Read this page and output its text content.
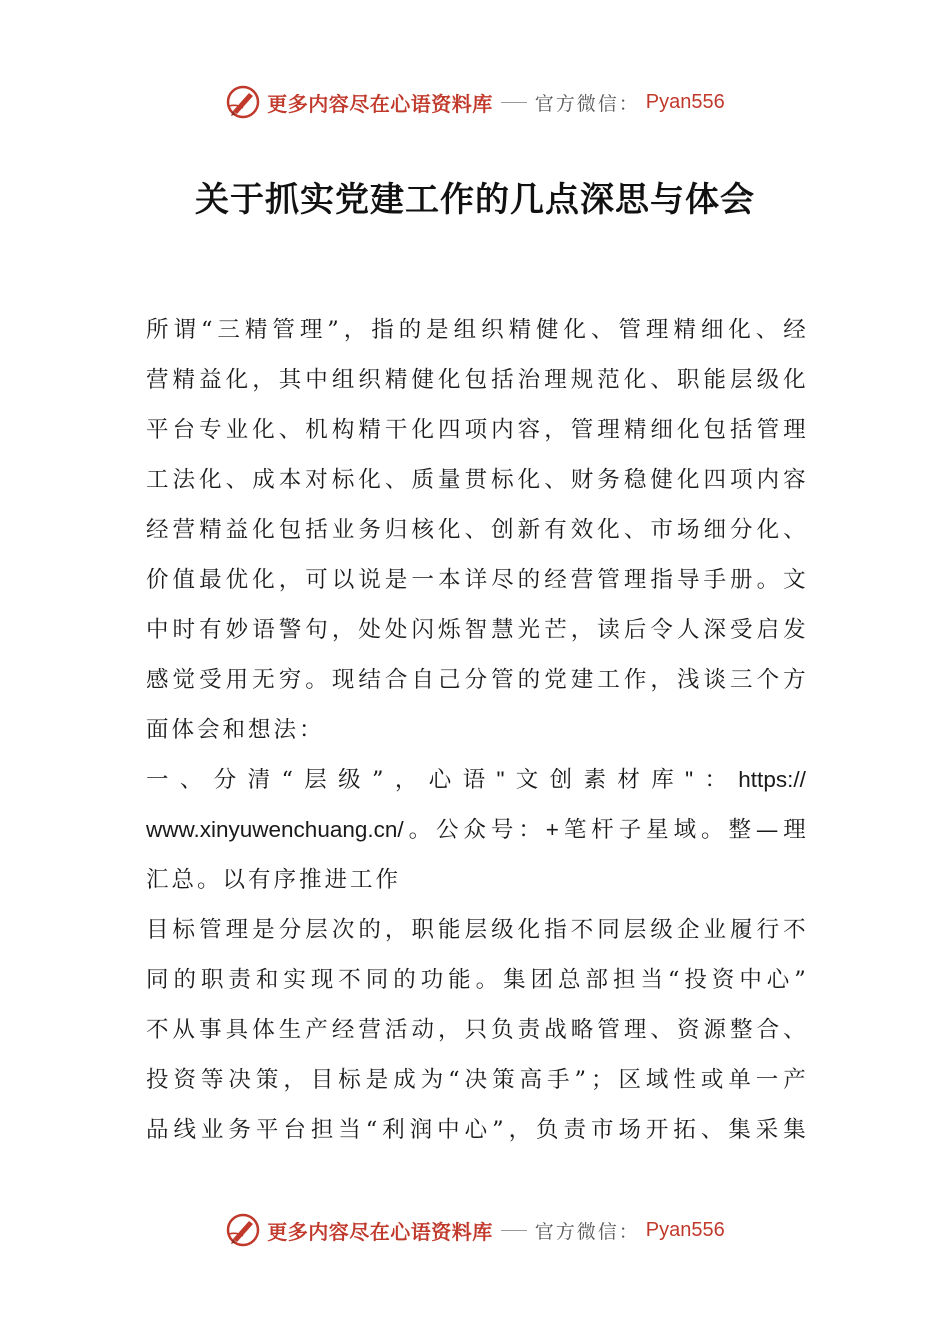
更多内容尽在心语资料库 官方微信： Pyan556
关于抓实党建工作的几点深思与体会
所 谓 “ 三 精 管 理 ” ， 指 的 是 组 织 精 健 化 、 管 理 精 细 化 、 经
营 精 益 化 ， 其 中 组 织 精 健 化 包 括 治 理 规 范 化 、 职 能 层 级 化
平 台 专 业 化 、 机 构 精 干 化 四 项 内 容 ， 管 理 精 细 化 包 括 管 理
工 法 化 、 成 本 对 标 化 、 质 量 贯 标 化 、 财 务 稳 健 化 四 项 内 容
经 营 精 益 化 包 括 业 务 归 核 化 、 创 新 有 效 化 、 市 场 细 分 化 、
价 值 最 优 化 ， 可 以 说 是 一 本 详 尽 的 经 营 管 理 指 导 手 册 。 文
中 时 有 妙 语 警 句 ， 处 处 闪 烁 智 慧 光 芒 ， 读 后 令 人 深 受 启 发
感 觉 受 用 无 穷 。 现 结 合 自 己 分 管 的 党 建 工 作 ， 浅 谈 三 个 方
面体会和想法：
一 、 分 清 “ 层 级 ” ， 心 语 " 文 创 素 材 库 " ： https://
www.xinyuwenchuang.cn/ 。 公 众 号 ： + 笔 杆 子 星 域 。 整 — 理
汇总。以有序推进工作
目 标 管 理 是 分 层 次 的 ， 职 能 层 级 化 指 不 同 层 级 企 业 履 行 不
同 的 职 责 和 实 现 不 同 的 功 能 。 集 团 总 部 担 当 “ 投 资 中 心 ”
不 从 事 具 体 生 产 经 营 活 动 ， 只 负 责 战 略 管 理 、 资 源 整 合 、
投 资 等 决 策 ， 目 标 是 成 为 “ 决 策 高 手 ” ； 区 域 性 或 单 一 产
品 线 业 务 平 台 担 当 “ 利 润 中 心 ” ， 负 责 市 场 开 拓 、 集 采 集
更多内容尽在心语资料库 官方微信： Pyan556
